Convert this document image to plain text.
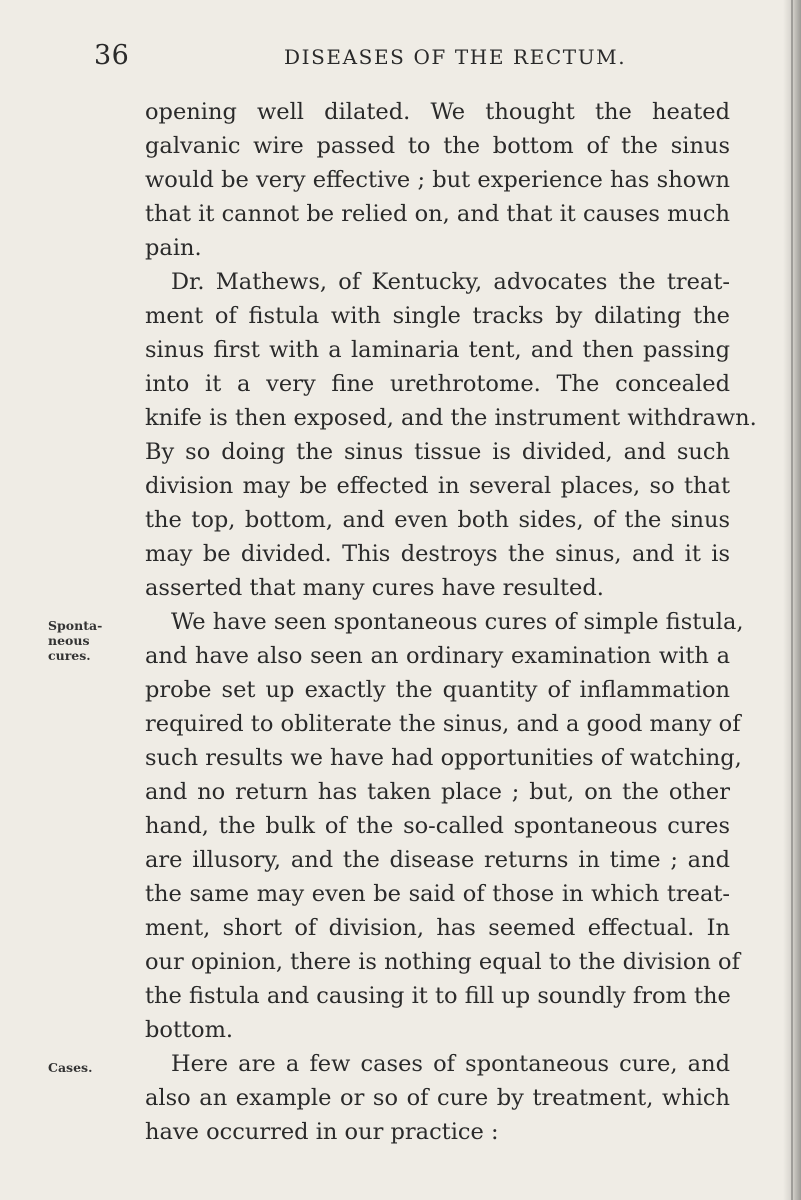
36	DISEASES OF THE RECTUM.
opening well dilated. We thought the heated
galvanic wire passed to the bottom of the sinus
would be very effective ; but experience has shown
that it cannot be relied on, and that it causes much
pain.
Dr. Mathews, of Kentucky, advocates the treat-
ment of fistula with single tracks by dilating the
sinus first with a laminaria tent, and then passing
into it a very fine urethrotome. The concealed
knife is then exposed, and the instrument withdrawn.
By so doing the sinus tissue is divided, and such
division may be effected in several places, so that
the top, bottom, and even both sides, of the sinus
may be divided. This destroys the sinus, and it is
asserted that many cures have resulted.
We have seen spontaneous cures of simple fistula,
and have also seen an ordinary examination with a
probe set up exactly the quantity of inflammation
required to obliterate the sinus, and a good many of
such results we have had opportunities of watching,
and no return has taken place ; but, on the other
hand, the bulk of the so-called spontaneous cures
are illusory, and the disease returns in time ; and
the same may even be said of those in which treat-
ment, short of division, has seemed effectual. In
our opinion, there is nothing equal to the division of
the fistula and causing it to fill up soundly from the
bottom.
Here are a few cases of spontaneous cure, and
also an example or so of cure by treatment, which
have occurred in our practice :
Sponta-
neous
cures.
Cases.
